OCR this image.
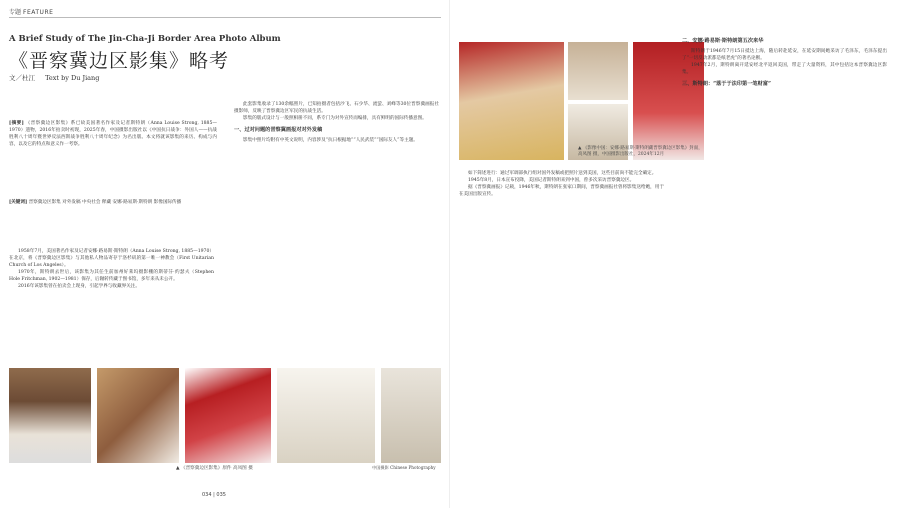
专题 FEATURE
A Brief Study of The Jin-Cha-Ji Border Area Photo Album
《晋察冀边区影集》略考
文／杜江 Text by Du Jiang
[摘要] 《晋察冀边区影集》系已故美国著名作家及记者斯特朗（Anna Louise Strong, 1885—1970）遗物，2016年拍卖时初现，2025年春，中国摄影出版社以《中国抗日战争：外国人——抗战胜利八十周年暨世界反法西斯战争胜利八十周年纪念》为名出版。本文将就该影集的来历、构成与内容，以及它的特点和意义作一考察。
[关键词] 晋察冀边区影集 对外发稿 中央社会 释藏 安娜·路易斯·斯特朗 影像国际传播

1958年7月，美国著名作家及记者安娜·路易斯·斯特朗（Anna Louise Strong, 1885—1970）在北京，将《晋察冀边区影集》与其他私人物品寄存于洛杉矶的第一唯一神教会（First Unitarian Church of Los Angeles）。

1970年，斯特朗去世后，该影集为其任生前加州好莱坞摄影棚的斯蒂芬·约瑟夫（Stephen Hole Fritchman, 1902—1981）保存，后辗转传藏于图书馆，多年来从未公开。

2016年该影集曾在拍卖会上现身，引起学界与收藏界关注。

此套影集收录了130余幅照片，已知拍摄者包括沙飞、石少华、流萤、刘峰等30位晋察冀画报社摄影师，反映了晋察冀边区军民的抗战生活。

影集的版式设计与一般照相册不同，系专门为对外宣传而编排，具有鲜明的国际传播意图。

一、过对问题的晋察冀画报对对外发稿

影集中照片均附有中英文说明，内容涉及“抗日根据地”“人民武装”“国际友人”等主题。

▲ 《晋察冀边区影集》原件 高凤图 摄	中国摄影 Chinese Photography
034 | 035
▲ 《影像中国：安娜·路易斯·斯特朗藏晋察冀边区影集》封面，高凤图 摄，中国摄影出版社，2024年12月

如下简述进行：通过军调部执行组对国外发稿或把照片送到美国，这些目前尚不能完全确定。

1945年8月，日本宣布投降，美国记者斯特朗来到中国，曾多次采访晋察冀边区。

据《晋察冀画报》记载，1946年秋，斯特朗在张家口期间，晋察冀画报社曾将影集送给她，用于在美国出版宣传。

二、安娜·路易斯·斯特朗第五次来华

斯特朗于1946年7月15日抵达上海，随后转赴延安，在延安期间她采访了毛泽东，毛泽东提出了“一切反动派都是纸老虎”的著名论断。

1947年2月，斯特朗离开延安经北平返回美国，带走了大量资料，其中包括这本晋察冀边区影集。

三、斯特朗：“落于于法印第一笔财富”
